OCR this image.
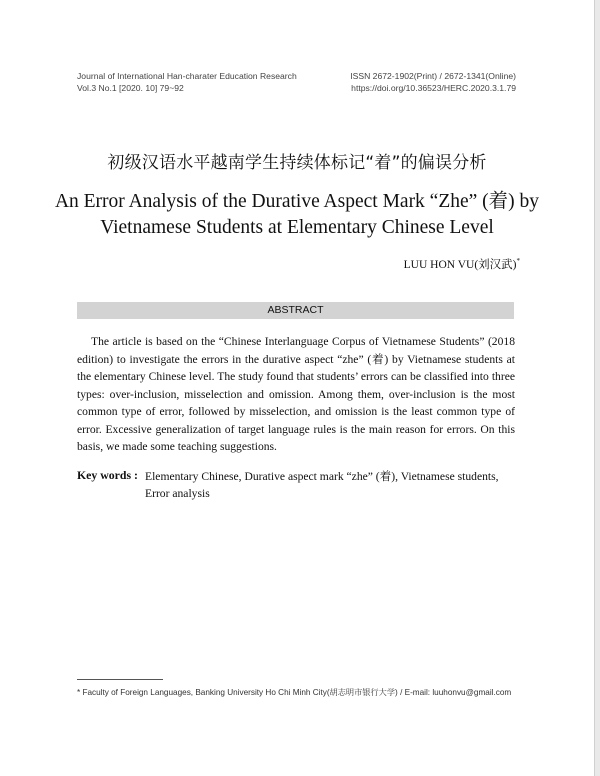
Journal of International Han-charater Education Research
Vol.3 No.1 [2020. 10] 79~92
ISSN 2672-1902(Print) / 2672-1341(Online)
https://doi.org/10.36523/HERC.2020.3.1.79
初级汉语水平越南学生持续体标记“着”的偏误分析
An Error Analysis of the Durative Aspect Mark “Zhe” (着) by
Vietnamese Students at Elementary Chinese Level
LUU HON VU(刘汉武)*
ABSTRACT
The article is based on the “Chinese Interlanguage Corpus of Vietnamese Students” (2018 edition) to investigate the errors in the durative aspect “zhe” (着) by Vietnamese students at the elementary Chinese level. The study found that students’ errors can be classified into three types: over-inclusion, misselection and omission. Among them, over-inclusion is the most common type of error, followed by misselection, and omission is the least common type of error. Excessive generalization of target language rules is the main reason for errors. On this basis, we made some teaching suggestions.
Key words : Elementary Chinese, Durative aspect mark “zhe” (着), Vietnamese students, Error analysis
* Faculty of Foreign Languages, Banking University Ho Chi Minh City(胡志明市银行大学) / E-mail: luuhonvu@gmail.com
